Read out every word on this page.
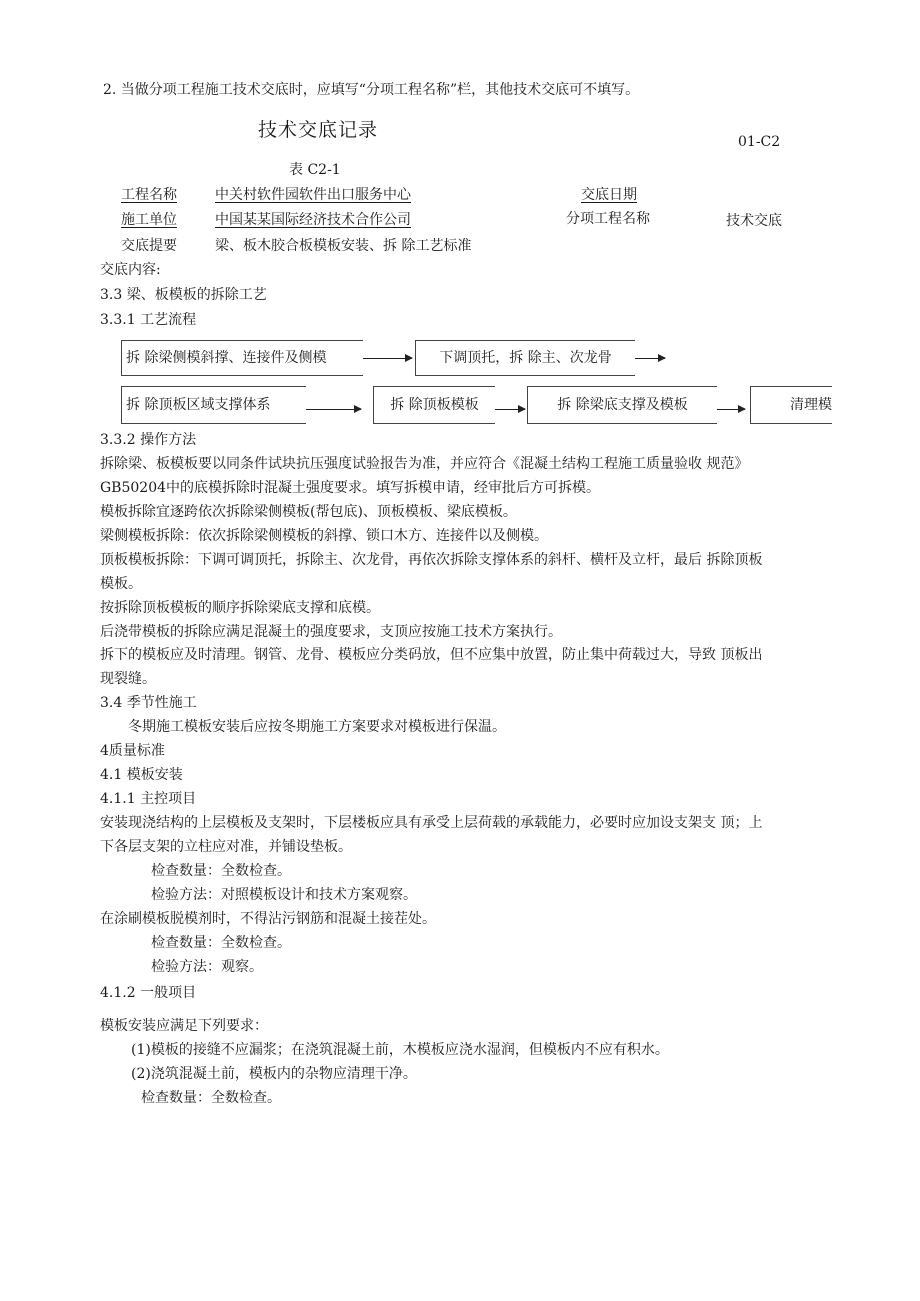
2. 当做分项工程施工技术交底时，应填写“分项工程名称”栏，其他技术交底可不填写。
技术交底记录
01-C2
表 C2-1
工程名称	中关村软件园软件出口服务中心	交底日期
施工单位	中国某某国际经济技术合作公司	分项工程名称	技术交底
交底提要	梁、板木胶合板模板安装、拆 除工艺标准
交底内容:
3.3 梁、板模板的拆除工艺
3.3.1 工艺流程
拆 除梁侧模斜撑、连接件及侧模	下调顶托，拆 除主、次龙骨
拆 除顶板区域支撑体系	拆 除顶板模板	拆 除梁底支撑及模板	清理模
3.3.2 操作方法
拆除梁、板模板要以同条件试块抗压强度试验报告为准，并应符合《混凝土结构工程施工质量验收 规范》
GB50204中的底模拆除时混凝土强度要求。填写拆模申请，经审批后方可拆模。
模板拆除宜逐跨依次拆除梁侧模板(帮包底)、顶板模板、梁底模板。
梁侧模板拆除：依次拆除梁侧模板的斜撑、锁口木方、连接件以及侧模。
顶板模板拆除：下调可调顶托，拆除主、次龙骨，再依次拆除支撑体系的斜杆、横杆及立杆，最后 拆除顶板
模板。
按拆除顶板模板的顺序拆除梁底支撑和底模。
后浇带模板的拆除应满足混凝土的强度要求，支顶应按施工技术方案执行。
拆下的模板应及时清理。钢管、龙骨、模板应分类码放，但不应集中放置，防止集中荷载过大，导致 顶板出
现裂缝。
3.4 季节性施工
冬期施工模板安装后应按冬期施工方案要求对模板进行保温。
4质量标准
4.1 模板安装
4.1.1 主控项目
安装现浇结构的上层模板及支架时，下层楼板应具有承受上层荷载的承载能力，必要时应加设支架支 顶；上
下各层支架的立柱应对准，并铺设垫板。
检查数量：全数检查。
检验方法：对照模板设计和技术方案观察。
在涂刷模板脱模剂时，不得沾污钢筋和混凝土接茬处。
检查数量：全数检查。
检验方法：观察。
4.1.2 一般项目
模板安装应满足下列要求：
(1)模板的接缝不应漏浆；在浇筑混凝土前，木模板应浇水湿润，但模板内不应有积水。
(2)浇筑混凝土前，模板内的杂物应清理干净。
检查数量：全数检查。
